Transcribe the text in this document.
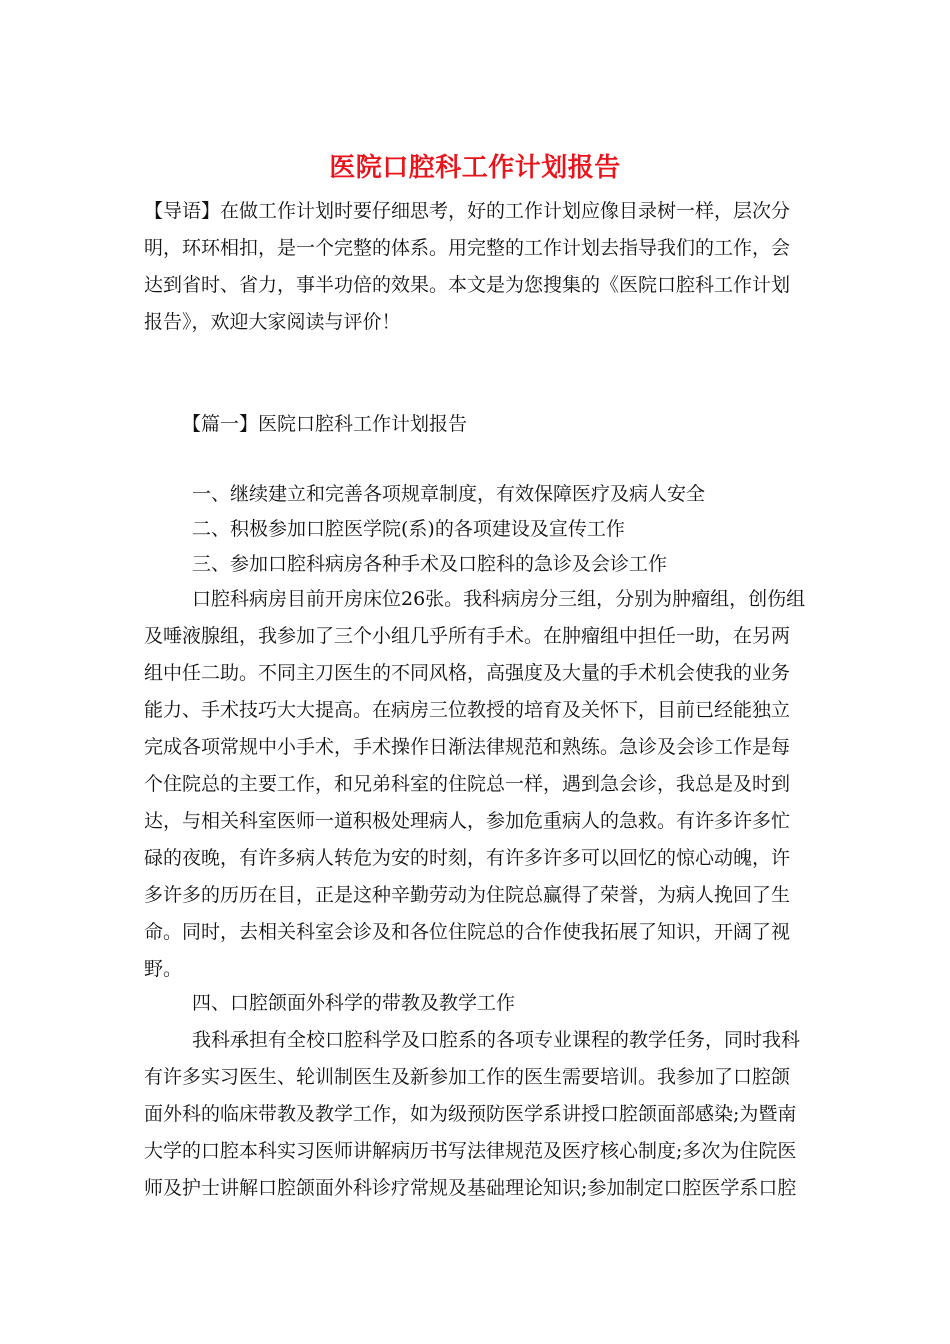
医院口腔科工作计划报告
【导语】在做工作计划时要仔细思考，好的工作计划应像目录树一样，层次分明，环环相扣，是一个完整的体系。用完整的工作计划去指导我们的工作，会达到省时、省力，事半功倍的效果。本文是为您搜集的《医院口腔科工作计划报告》，欢迎大家阅读与评价！
【篇一】医院口腔科工作计划报告
一、继续建立和完善各项规章制度，有效保障医疗及病人安全
二、积极参加口腔医学院(系)的各项建设及宣传工作
三、参加口腔科病房各种手术及口腔科的急诊及会诊工作
口腔科病房目前开房床位26张。我科病房分三组，分别为肿瘤组，创伤组及唾液腺组，我参加了三个小组几乎所有手术。在肿瘤组中担任一助，在另两组中任二助。不同主刀医生的不同风格，高强度及大量的手术机会使我的业务能力、手术技巧大大提高。在病房三位教授的培育及关怀下，目前已经能独立完成各项常规中小手术，手术操作日渐法律规范和熟练。急诊及会诊工作是每个住院总的主要工作，和兄弟科室的住院总一样，遇到急会诊，我总是及时到达，与相关科室医师一道积极处理病人，参加危重病人的急救。有许多许多忙碌的夜晚，有许多病人转危为安的时刻，有许多许多可以回忆的惊心动魄，许多许多的历历在目，正是这种辛勤劳动为住院总赢得了荣誉，为病人挽回了生命。同时，去相关科室会诊及和各位住院总的合作使我拓展了知识，开阔了视野。
四、口腔颌面外科学的带教及教学工作
我科承担有全校口腔科学及口腔系的各项专业课程的教学任务，同时我科有许多实习医生、轮训制医生及新参加工作的医生需要培训。我参加了口腔颌面外科的临床带教及教学工作，如为级预防医学系讲授口腔颌面部感染;为暨南大学的口腔本科实习医师讲解病历书写法律规范及医疗核心制度;多次为住院医师及护士讲解口腔颌面外科诊疗常规及基础理论知识;参加制定口腔医学系口腔
